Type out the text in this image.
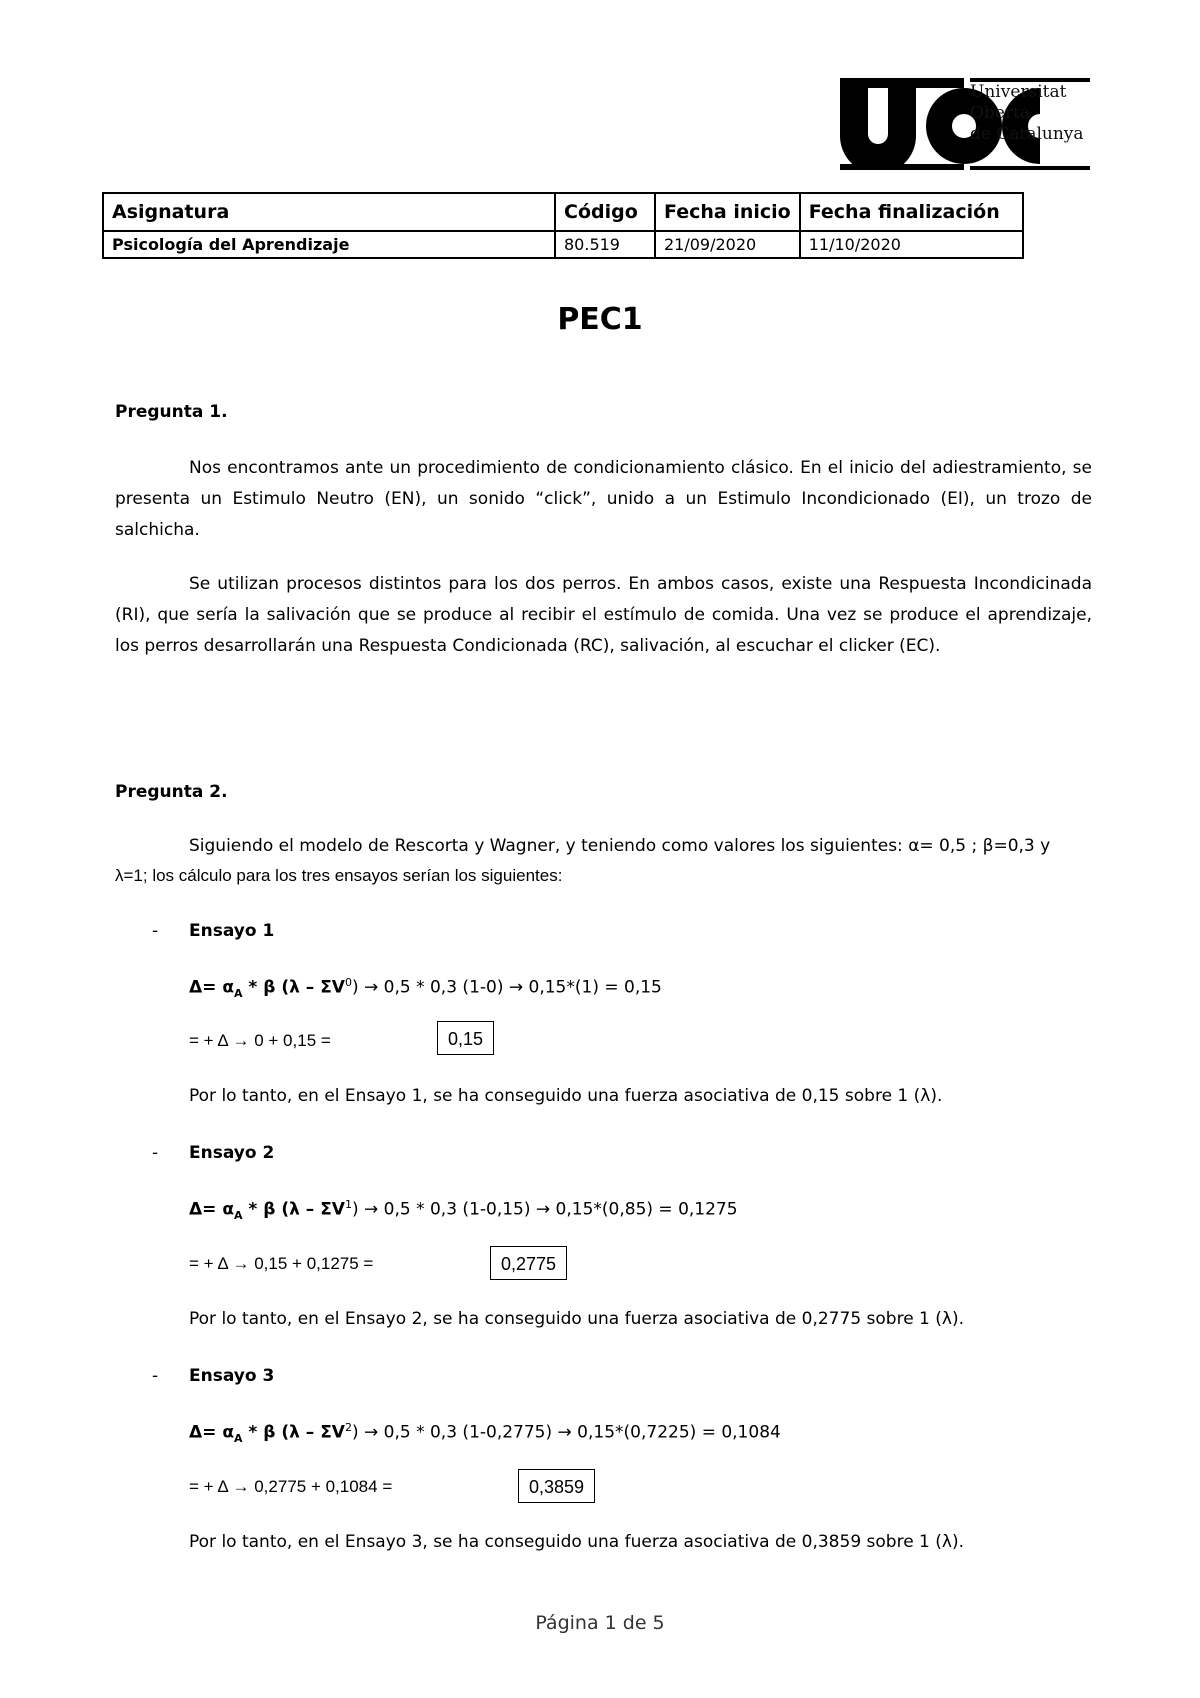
Universitat
Oberta
de Catalunya
Asignatura	Código	Fecha inicio	Fecha finalización
Psicología del Aprendizaje	80.519	21/09/2020	11/10/2020
PEC1
Pregunta 1.

Nos encontramos ante un procedimiento de condicionamiento clásico. En el inicio del adiestramiento, se presenta un Estimulo Neutro (EN), un sonido “click”, unido a un Estimulo Incondicionado (EI), un trozo de salchicha.

Se utilizan procesos distintos para los dos perros. En ambos casos, existe una Respuesta Incondicinada (RI), que sería la salivación que se produce al recibir el estímulo de comida. Una vez se produce el aprendizaje, los perros desarrollarán una Respuesta Condicionada (RC), salivación, al escuchar el clicker (EC).

Pregunta 2.
Siguiendo el modelo de Rescorta y Wagner, y teniendo como valores los siguientes: α= 0,5 ; β=0,3 y
λ=1; los cálculo para los tres ensayos serían los siguientes:
- Ensayo 1
$\Delta= \alpha_A * \beta$ $(\lambda - \Sigma V^0) \to 0,5 * 0,3$ (1-0) → 0,15*(1) = 0,15
= + Δ → 0 + 0,15 =	0,15
Por lo tanto, en el Ensayo 1, se ha conseguido una fuerza asociativa de 0,15 sobre 1 (λ).
- Ensayo 2
$\Delta= \alpha_A * \beta$ $(\lambda - \Sigma V^1) \to 0,5 * 0,3$ (1-0,15) → 0,15*(0,85) = 0,1275
= + Δ → 0,15 + 0,1275 =	0,2775
Por lo tanto, en el Ensayo 2, se ha conseguido una fuerza asociativa de 0,2775 sobre 1 (λ).
- Ensayo 3
$\Delta= \alpha_A * \beta$ $(\lambda - \Sigma V^2) \to 0,5 * 0,3$ (1-0,2775) → 0,15*(0,7225) = 0,1084
= + Δ → 0,2775 + 0,1084 =	0,3859
Por lo tanto, en el Ensayo 3, se ha conseguido una fuerza asociativa de 0,3859 sobre 1 (λ).
Página 1 de 5
